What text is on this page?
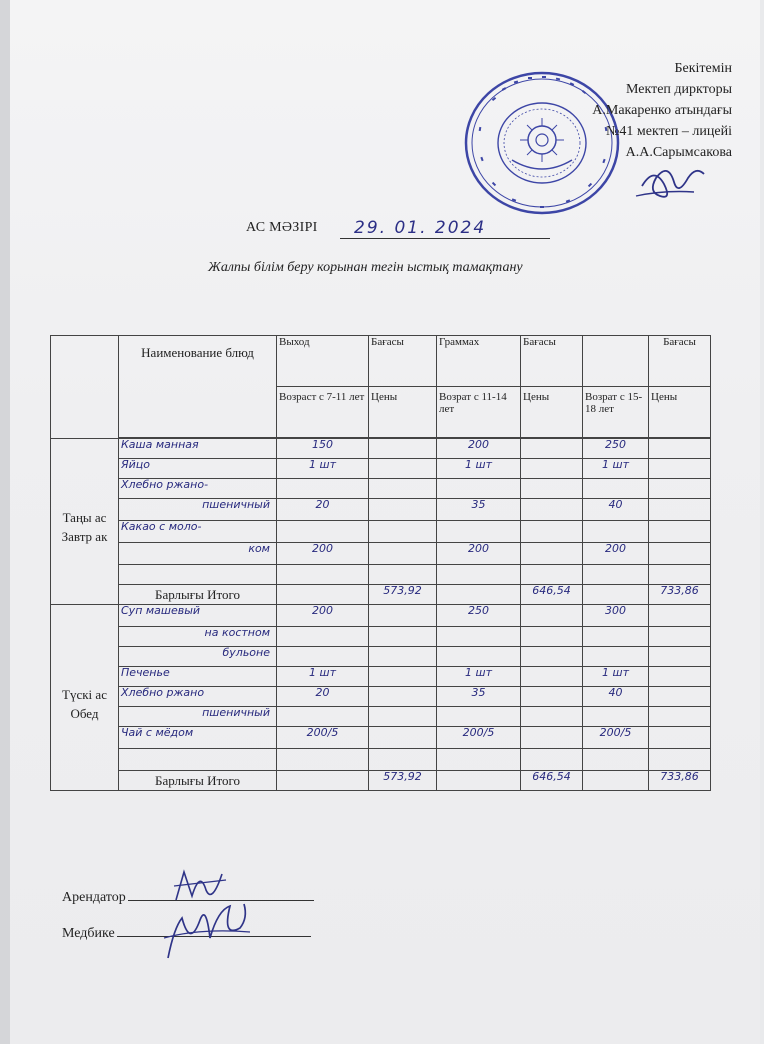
Бекітемін
Мектеп диркторы
А.Макаренко атындағы
№41 мектеп – лицейі
А.А.Сарымсакова
АС МӘЗІРІ 29. 01. 2024
Жалпы білім беру корынан тегін ыстық тамақтану
	Наименование блюд	Выход	Бағасы	Граммах	Бағасы		Бағасы
		Возраст с 7-11 лет	Цены	Возрат с 11-14 лет	Цены	Возрат с 15-18 лет	Цены

Таңы ас Завтр ак	Каша манная	150		200		250	
	Яйцо	1 шт		1 шт		1 шт	
	Хлебно ржано-						
	пшеничный	20		35		40	
	Какао с моло-						
	ком	200		200		200	

	Барлығы Итого		573,92		646,54		733,86
Түскі ас Обед	Суп машевый	200		250		300	
	на костном						
	бульоне						
	Печенье	1 шт		1 шт		1 шт	
	Хлебно ржано	20		35		40	
	пшеничный						
	Чай с мёдом	200/5		200/5		200/5	

	Барлығы Итого		573,92		646,54		733,86
Арендатор
Медбике
